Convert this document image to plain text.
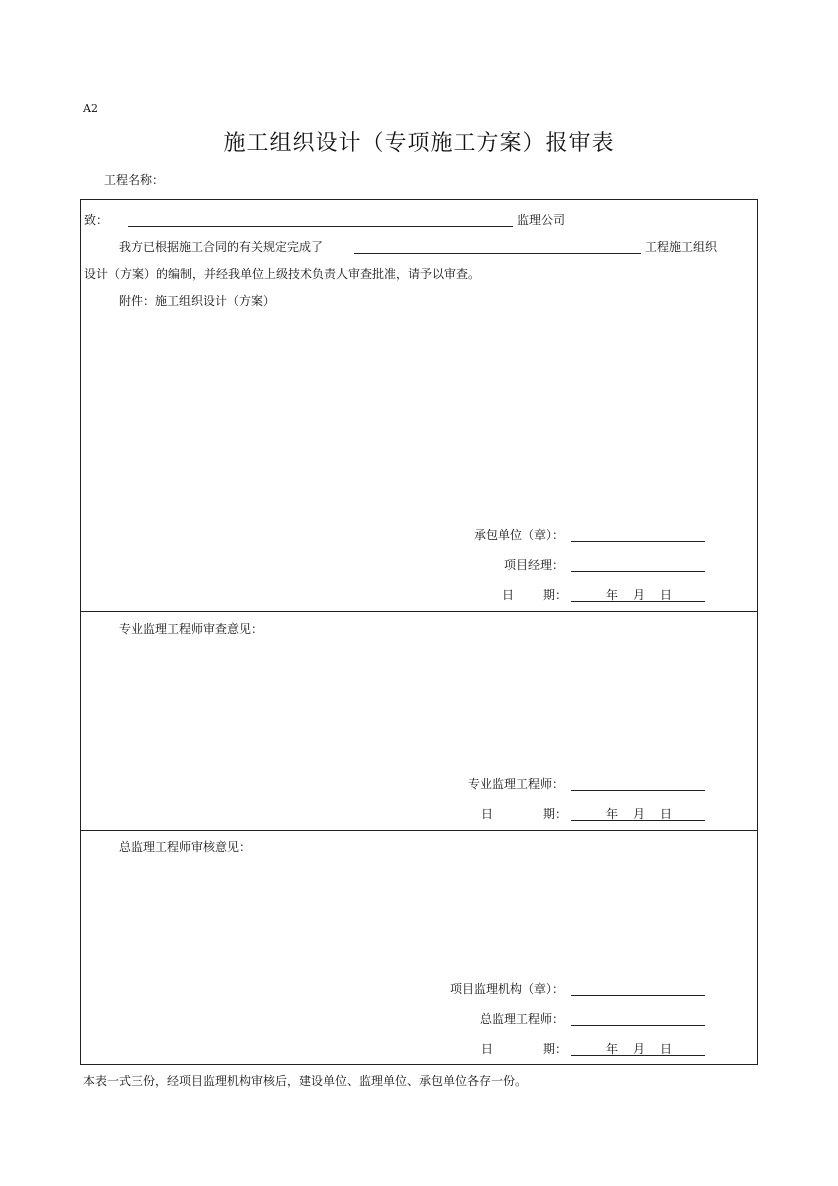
A2
施工组织设计（专项施工方案）报审表
工程名称：
致：	监理公司
我方已根据施工合同的有关规定完成了	工程施工组织
设计（方案）的编制，并经我单位上级技术负责人审查批准，请予以审查。
附件：施工组织设计（方案）
承包单位（章）：
项目经理：
日 期：	年 月 日
专业监理工程师审查意见：
专业监理工程师：
日	期：	年 月 日
总监理工程师审核意见：
项目监理机构（章）：
总监理工程师：
日	期：	年 月 日
本表一式三份，经项目监理机构审核后，建设单位、监理单位、承包单位各存一份。
